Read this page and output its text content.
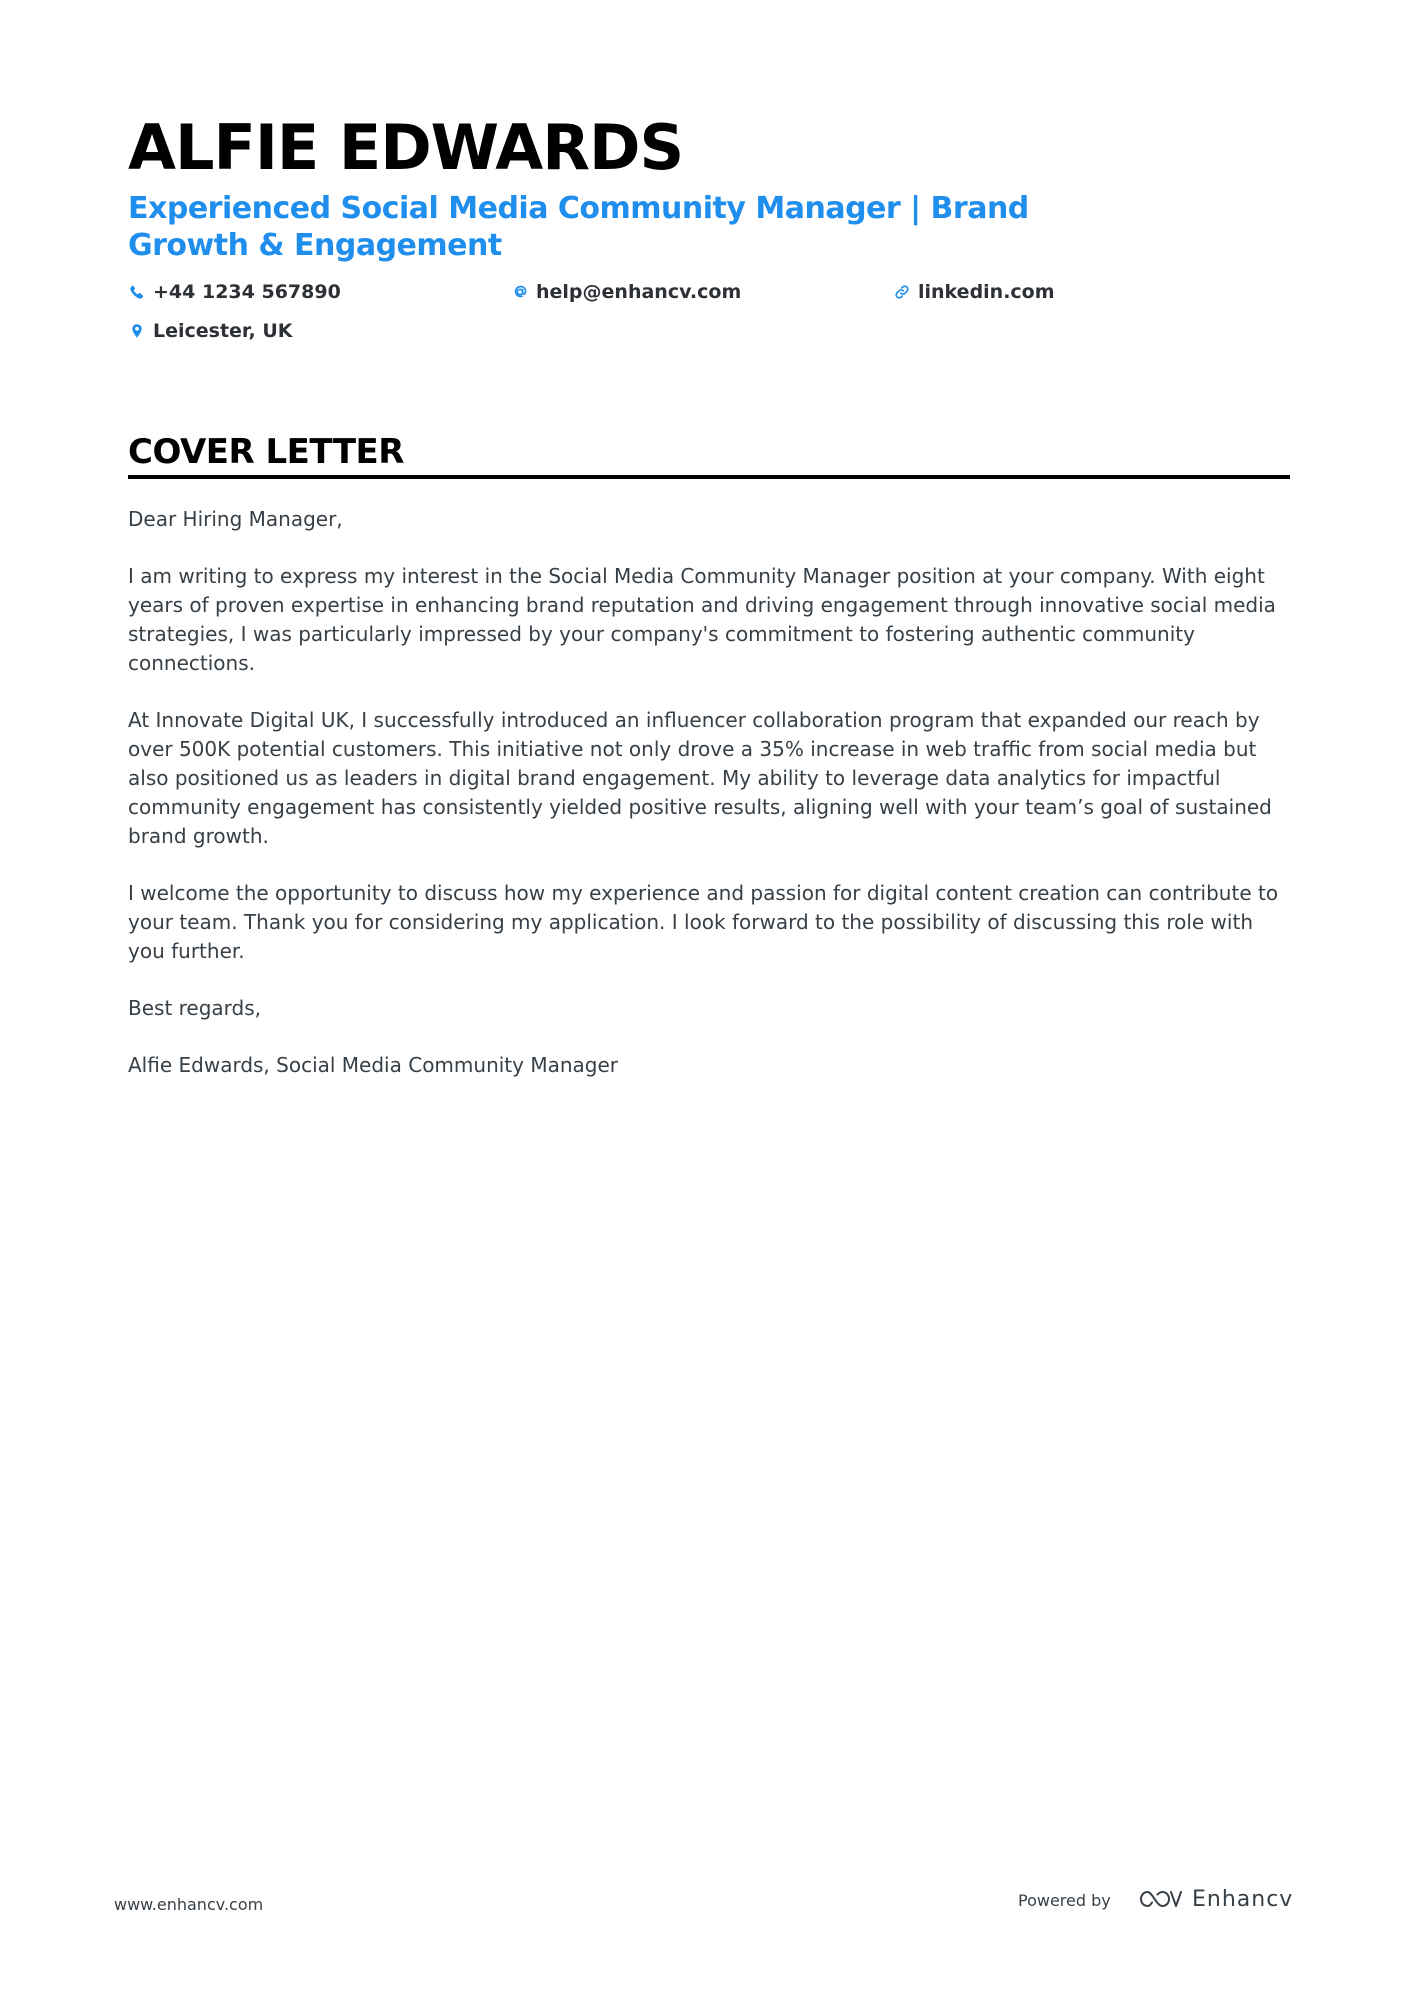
ALFIE EDWARDS
Experienced Social Media Community Manager | Brand Growth & Engagement
+44 1234 567890	help@enhancv.com	linkedin.com
Leicester, UK
COVER LETTER

Dear Hiring Manager,

I am writing to express my interest in the Social Media Community Manager position at your company. With eight years of proven expertise in enhancing brand reputation and driving engagement through innovative social media strategies, I was particularly impressed by your company's commitment to fostering authentic community connections.

At Innovate Digital UK, I successfully introduced an influencer collaboration program that expanded our reach by over 500K potential customers. This initiative not only drove a 35% increase in web traffic from social media but also positioned us as leaders in digital brand engagement. My ability to leverage data analytics for impactful community engagement has consistently yielded positive results, aligning well with your team’s goal of sustained brand growth.

I welcome the opportunity to discuss how my experience and passion for digital content creation can contribute to your team. Thank you for considering my application. I look forward to the possibility of discussing this role with you further.

Best regards,

Alfie Edwards, Social Media Community Manager

www.enhancv.com	Powered by	Enhancv
